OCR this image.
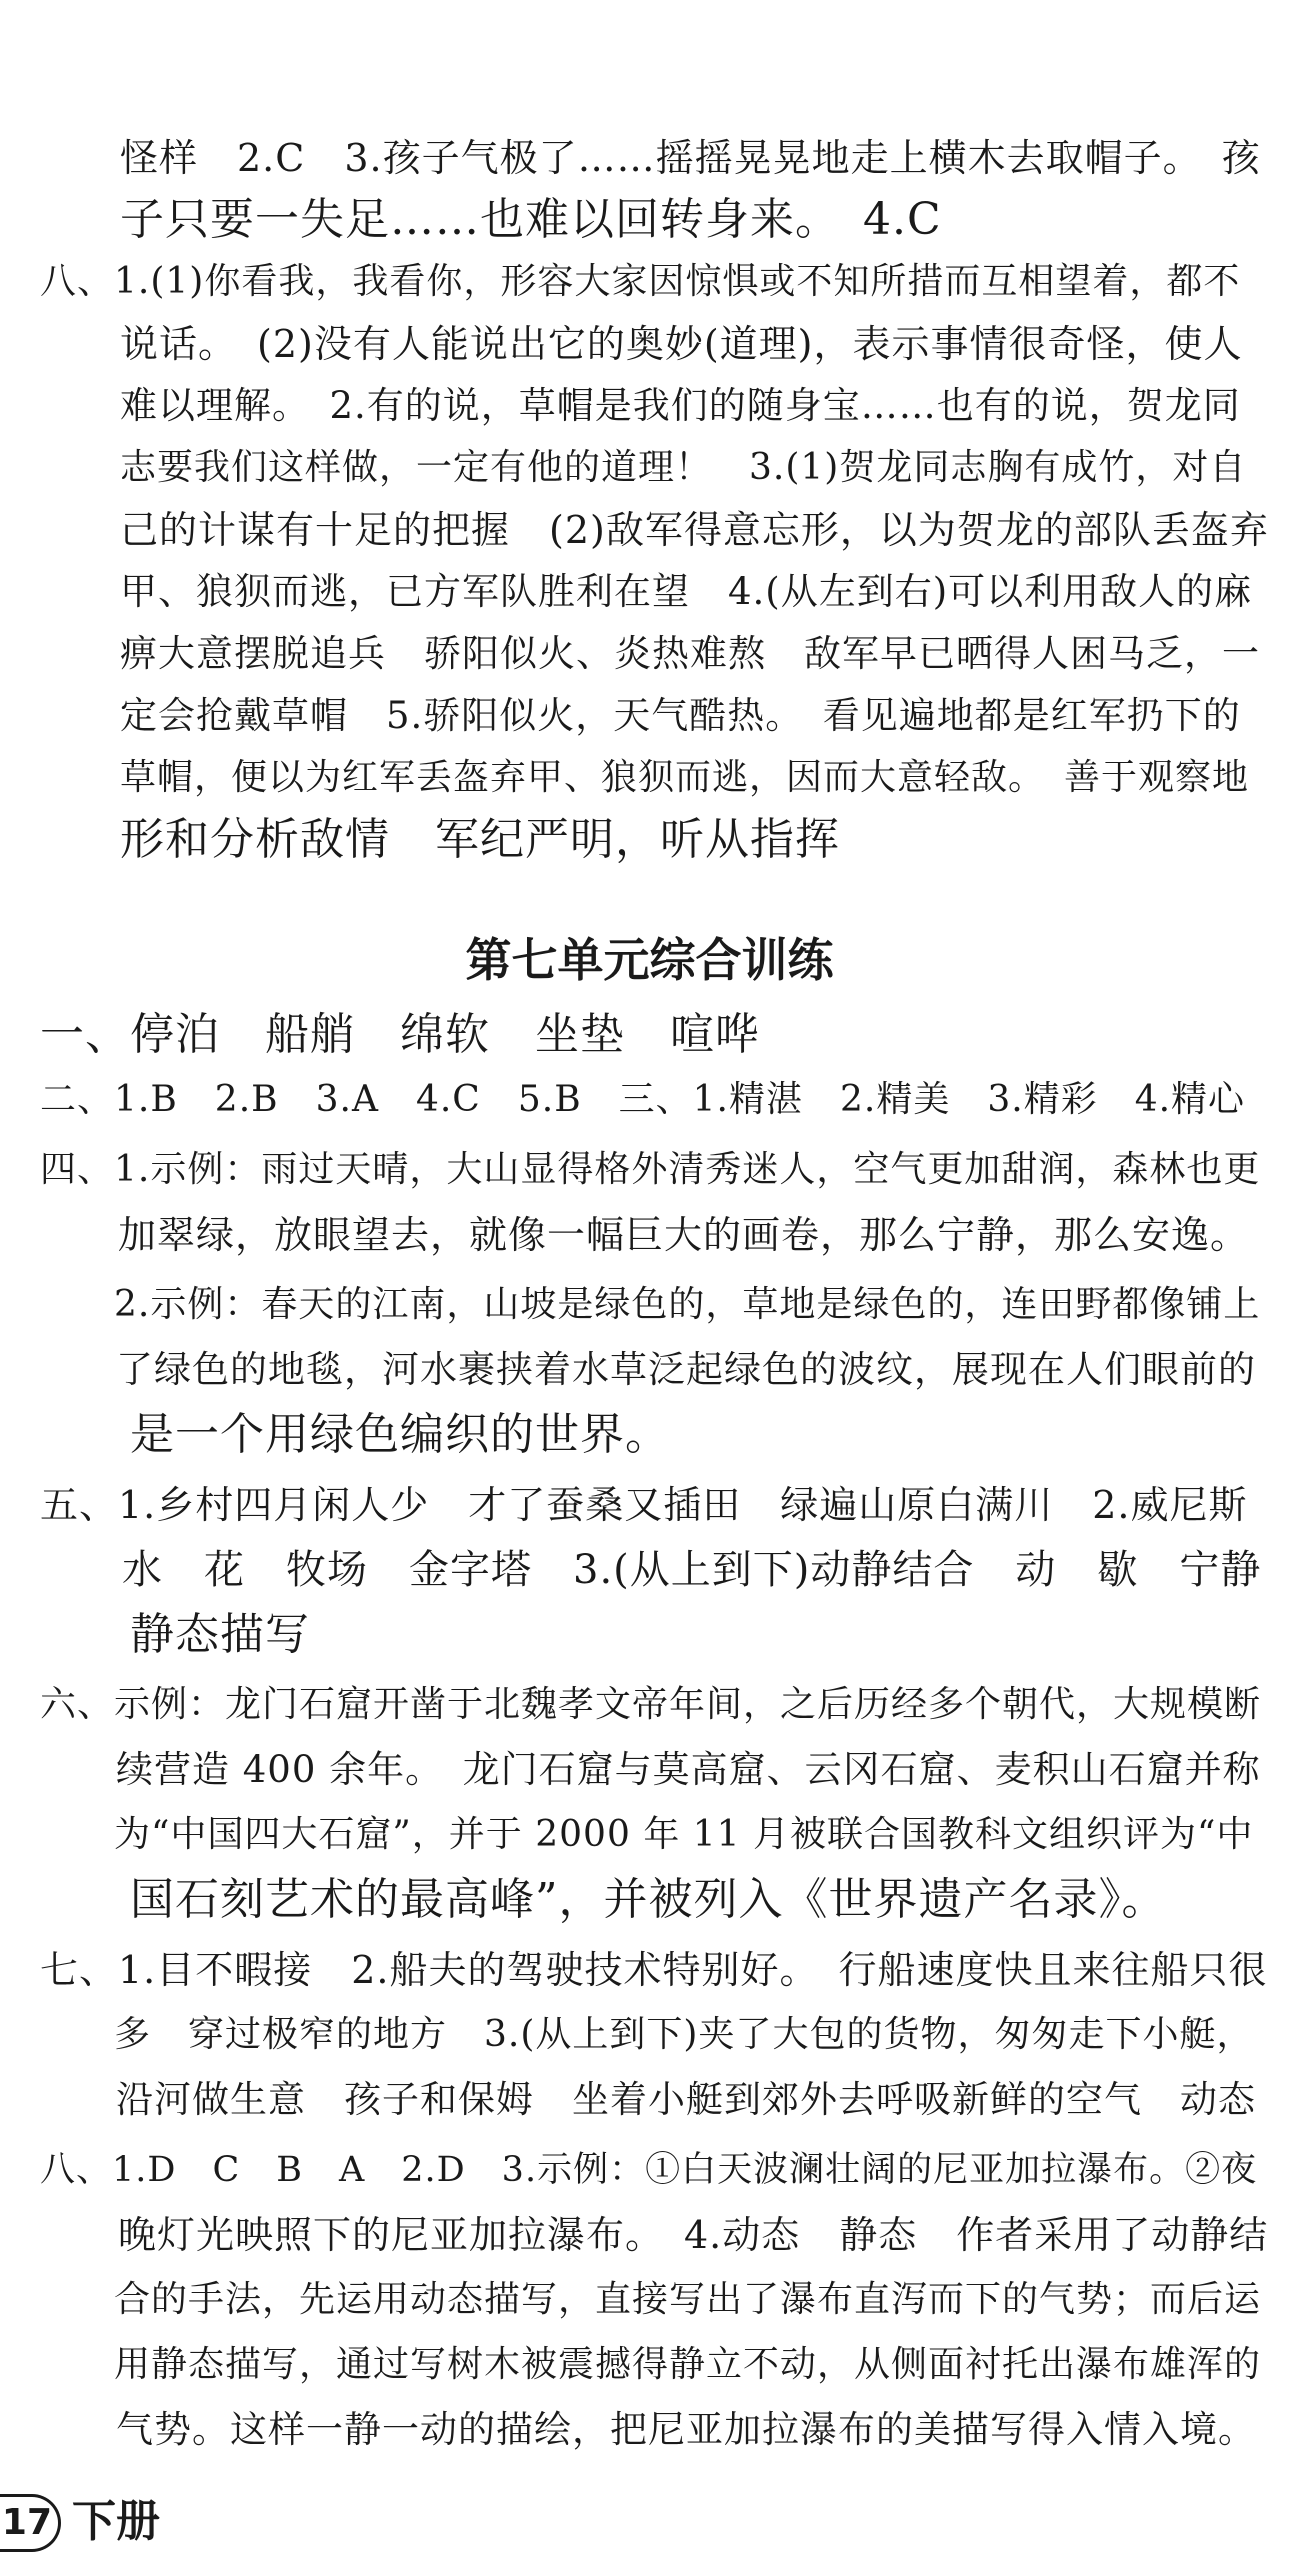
怪样　2.C　3.孩子气极了……摇摇晃晃地走上横木去取帽子。　孩
子只要一失足……也难以回转身来。　4.C
八、1.(1)你看我，我看你，形容大家因惊惧或不知所措而互相望着，都不
说话。　(2)没有人能说出它的奥妙(道理)，表示事情很奇怪，使人
难以理解。　2.有的说，草帽是我们的随身宝……也有的说，贺龙同
志要我们这样做，一定有他的道理！　3.(1)贺龙同志胸有成竹，对自
己的计谋有十足的把握　(2)敌军得意忘形，以为贺龙的部队丢盔弃
甲、狼狈而逃，已方军队胜利在望　4.(从左到右)可以利用敌人的麻
痹大意摆脱追兵　骄阳似火、炎热难熬　敌军早已晒得人困马乏，一
定会抢戴草帽　5.骄阳似火，天气酷热。　看见遍地都是红军扔下的
草帽，便以为红军丢盔弃甲、狼狈而逃，因而大意轻敌。　善于观察地
形和分析敌情　军纪严明，听从指挥
第七单元综合训练
一、停泊　船艄　绵软　坐垫　喧哗
二、1.B　2.B　3.A　4.C　5.B　三、1.精湛　2.精美　3.精彩　4.精心
四、1.示例：雨过天晴，大山显得格外清秀迷人，空气更加甜润，森林也更
　　加翠绿，放眼望去，就像一幅巨大的画卷，那么宁静，那么安逸。
　　2.示例：春天的江南，山坡是绿色的，草地是绿色的，连田野都像铺上
　　了绿色的地毯，河水裹挟着水草泛起绿色的波纹，展现在人们眼前的
　　是一个用绿色编织的世界。
五、1.乡村四月闲人少　才了蚕桑又插田　绿遍山原白满川　2.威尼斯
　　水　花　牧场　金字塔　3.(从上到下)动静结合　动　歇　宁静
　　静态描写
六、示例：龙门石窟开凿于北魏孝文帝年间，之后历经多个朝代，大规模断
　　续营造 400 余年。　龙门石窟与莫高窟、云冈石窟、麦积山石窟并称
　　为“中国四大石窟”，并于 2000 年 11 月被联合国教科文组织评为“中
　　国石刻艺术的最高峰”，并被列入《世界遗产名录》。
七、1.目不暇接　2.船夫的驾驶技术特别好。　行船速度快且来往船只很
　　多　穿过极窄的地方　3.(从上到下)夹了大包的货物，匆匆走下小艇，
　　沿河做生意　孩子和保姆　坐着小艇到郊外去呼吸新鲜的空气　动态
八、1.D　C　B　A　2.D　3.示例：①白天波澜壮阔的尼亚加拉瀑布。②夜
　　晚灯光映照下的尼亚加拉瀑布。　4.动态　静态　作者采用了动静结
　　合的手法，先运用动态描写，直接写出了瀑布直泻而下的气势；而后运
　　用静态描写，通过写树木被震撼得静立不动，从侧面衬托出瀑布雄浑的
　　气势。这样一静一动的描绘，把尼亚加拉瀑布的美描写得入情入境。
17 下册
